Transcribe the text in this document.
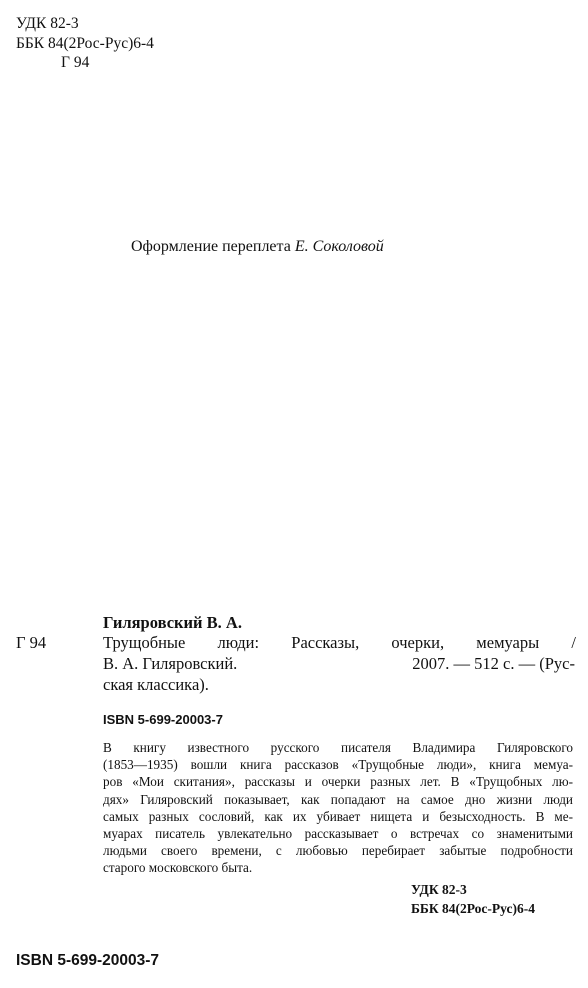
УДК 82-3
ББК 84(2Рос-Рус)6-4
Г 94
Оформление переплета Е. Соколовой
Гиляровский В. А.
Г 94	Трущобные люди: Рассказы, очерки, мемуары /
В. А. Гиляровский.	2007. — 512 с. — (Рус-
ская классика).
ISBN 5-699-20003-7
В книгу известного русского писателя Владимира Гиляровского
(1853—1935) вошли книга рассказов «Трущобные люди», книга мемуа-
ров «Мои скитания», рассказы и очерки разных лет. В «Трущобных лю-
дях» Гиляровский показывает, как попадают на самое дно жизни люди
самых разных сословий, как их убивает нищета и безысходность. В ме-
муарах писатель увлекательно рассказывает о встречах со знаменитыми
людьми своего времени, с любовью перебирает забытые подробности
старого московского быта.
УДК 82-3
ББК 84(2Рос-Рус)6-4
ISBN 5-699-20003-7
